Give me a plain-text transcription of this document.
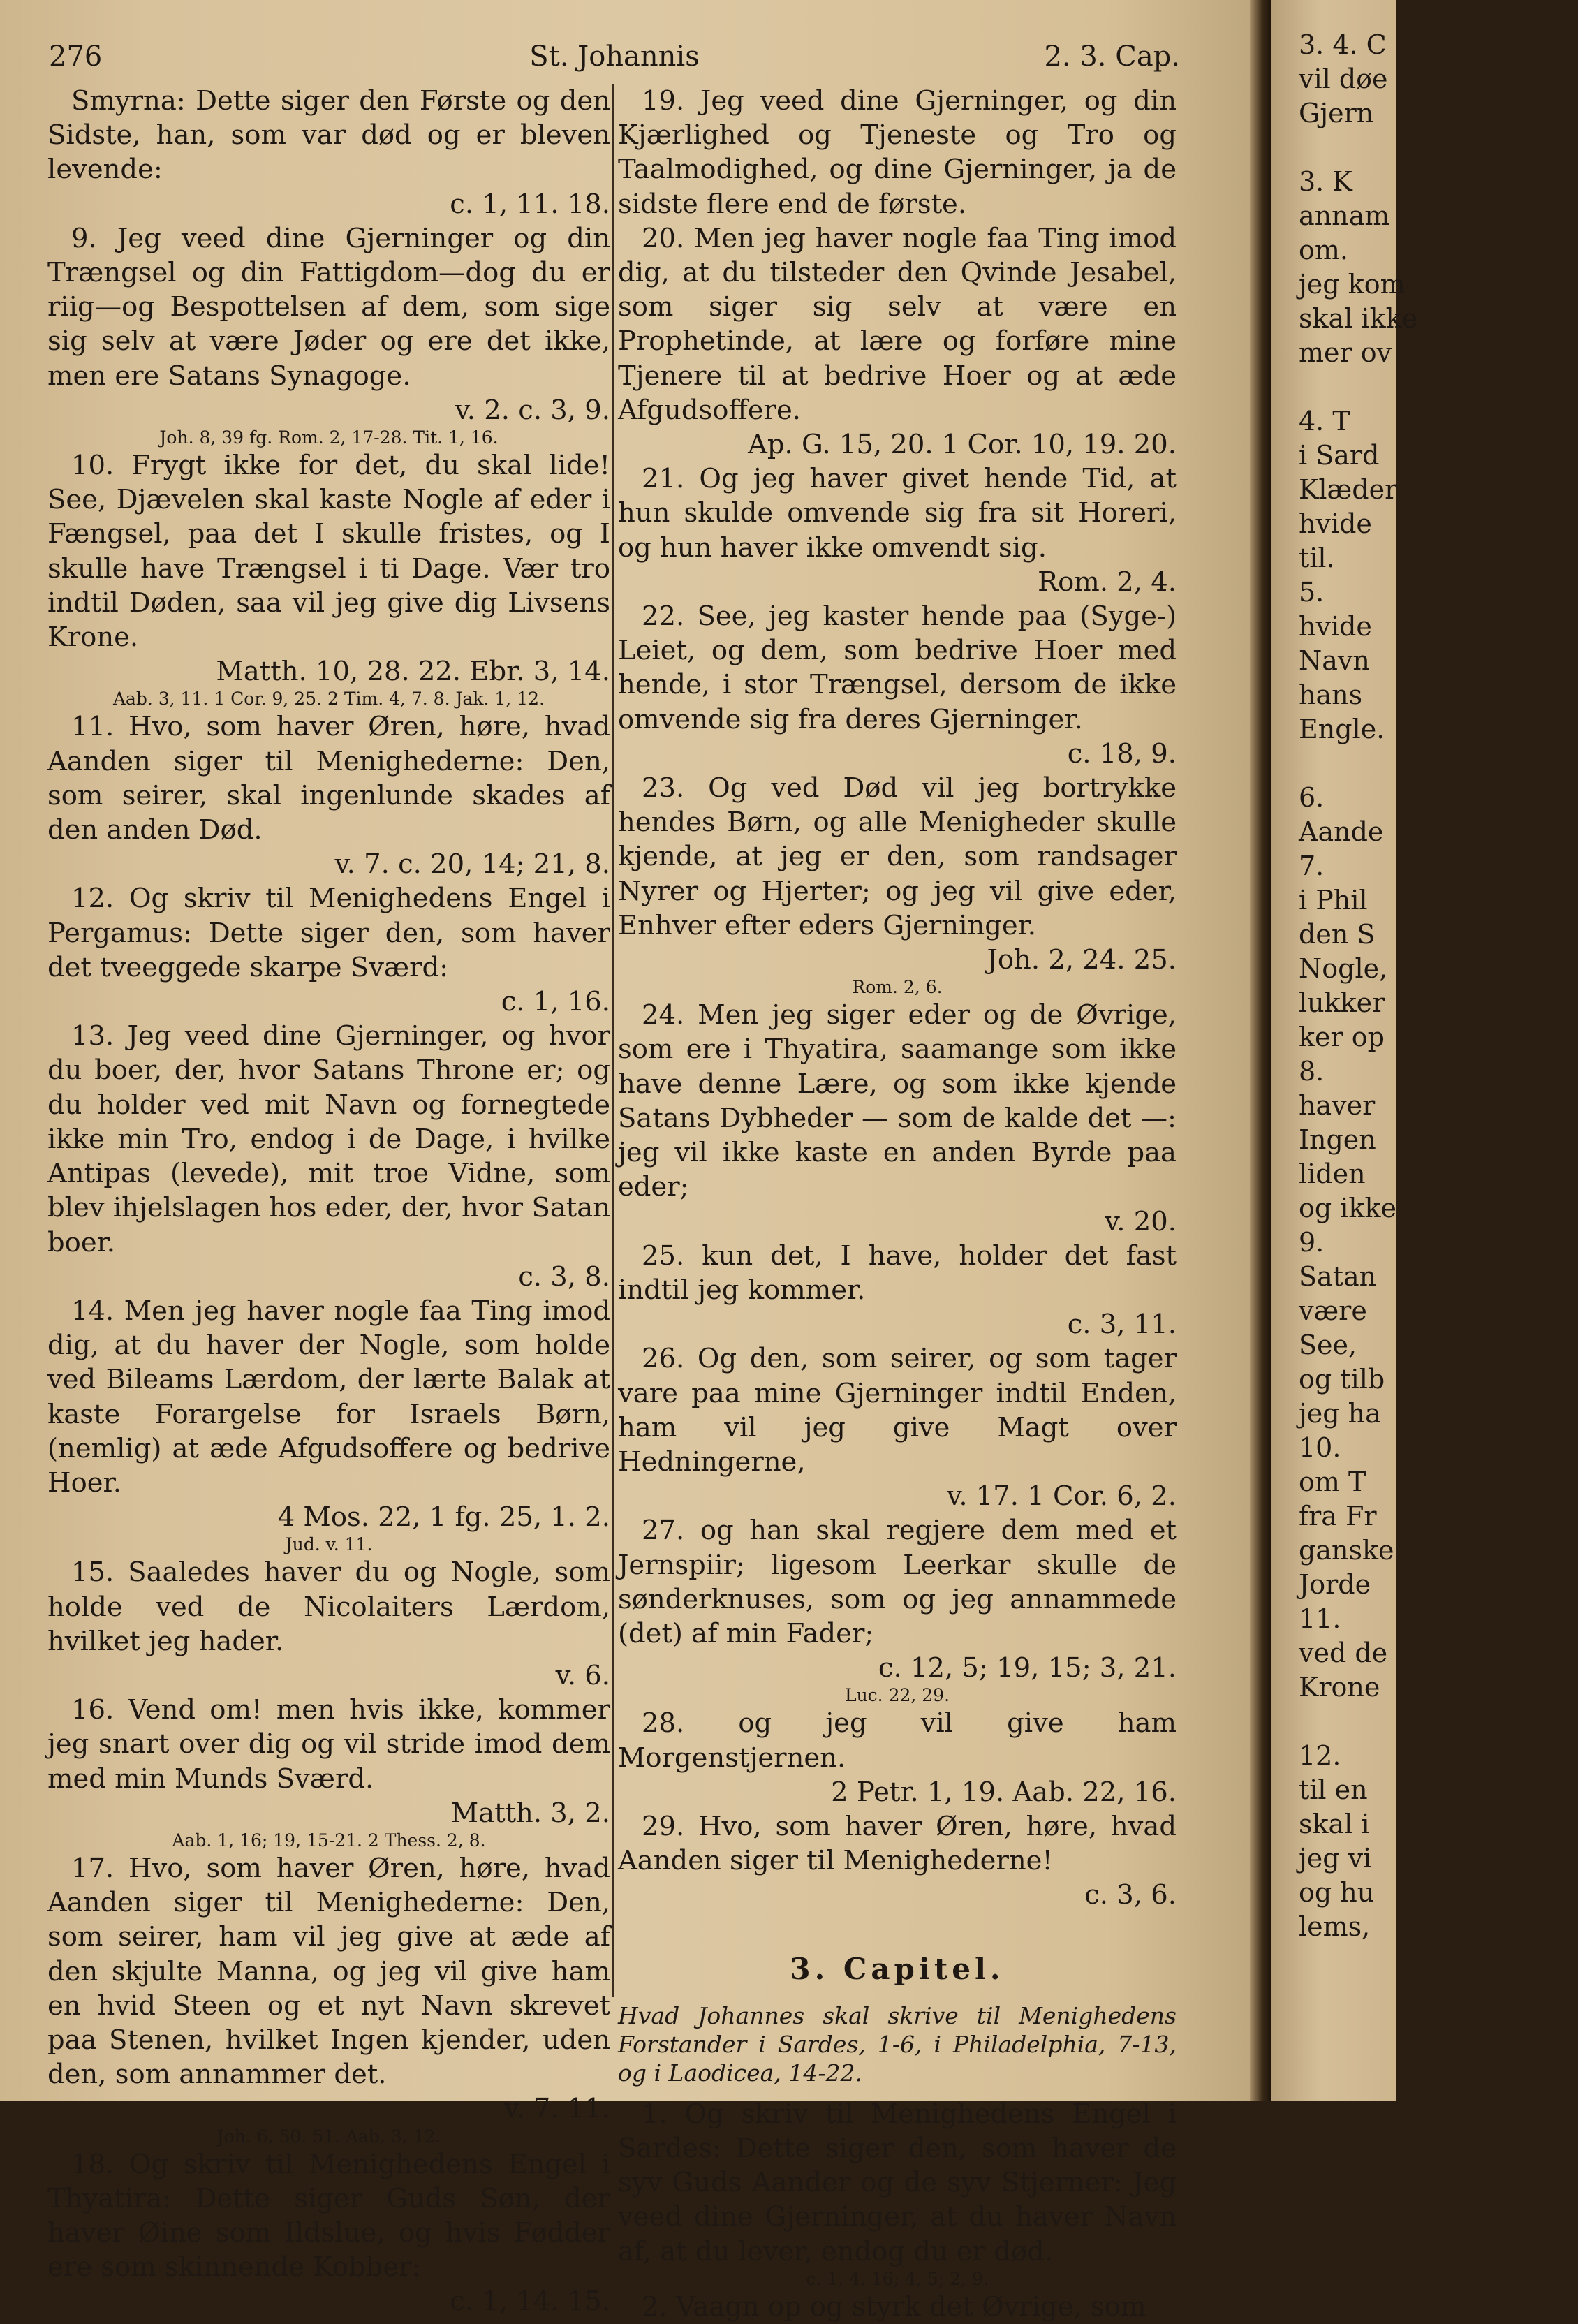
276	St. Johannis	2. 3. Cap.

Smyrna: Dette siger den Første og den Sidste, han, som var død og er bleven levende:

c. 1, 11. 18.

9. Jeg veed dine Gjerninger og din Trængsel og din Fattigdom—dog du er riig—og Bespottelsen af dem, som sige sig selv at være Jøder og ere det ikke, men ere Satans Synagoge.

v. 2. c. 3, 9.

Joh. 8, 39 fg. Rom. 2, 17-28. Tit. 1, 16.

10. Frygt ikke for det, du skal lide! See, Djævelen skal kaste Nogle af eder i Fængsel, paa det I skulle fristes, og I skulle have Trængsel i ti Dage. Vær tro indtil Døden, saa vil jeg give dig Livsens Krone.

Matth. 10, 28. 22. Ebr. 3, 14.

Aab. 3, 11. 1 Cor. 9, 25. 2 Tim. 4, 7. 8. Jak. 1, 12.

11. Hvo, som haver Øren, høre, hvad Aanden siger til Menighederne: Den, som seirer, skal ingenlunde skades af den anden Død.

v. 7. c. 20, 14; 21, 8.

12. Og skriv til Menighedens Engel i Pergamus: Dette siger den, som haver det tveeggede skarpe Sværd:

c. 1, 16.

13. Jeg veed dine Gjerninger, og hvor du boer, der, hvor Satans Throne er; og du holder ved mit Navn og fornegtede ikke min Tro, endog i de Dage, i hvilke Antipas (levede), mit troe Vidne, som blev ihjelslagen hos eder, der, hvor Satan boer.

c. 3, 8.

14. Men jeg haver nogle faa Ting imod dig, at du haver der Nogle, som holde ved Bileams Lærdom, der lærte Balak at kaste Forargelse for Israels Børn, (nemlig) at æde Afgudsoffere og bedrive Hoer.

4 Mos. 22, 1 fg. 25, 1. 2.

Jud. v. 11.

15. Saaledes haver du og Nogle, som holde ved de Nicolaiters Lærdom, hvilket jeg hader.

v. 6.

16. Vend om! men hvis ikke, kommer jeg snart over dig og vil stride imod dem med min Munds Sværd.

Matth. 3, 2.

Aab. 1, 16; 19, 15-21. 2 Thess. 2, 8.

17. Hvo, som haver Øren, høre, hvad Aanden siger til Menighederne: Den, som seirer, ham vil jeg give at æde af den skjulte Manna, og jeg vil give ham en hvid Steen og et nyt Navn skrevet paa Stenen, hvilket Ingen kjender, uden den, som annammer det.

v. 7. 11.

Joh. 6, 50. 51. Aab. 3, 12.

18. Og skriv til Menighedens Engel i Thyatira: Dette siger Guds Søn, der haver Øine som Ildslue, og hvis Fødder ere som skinnende Kobber:

c. 1, 14. 15.

19. Jeg veed dine Gjerninger, og din Kjærlighed og Tjeneste og Tro og Taalmodighed, og dine Gjerninger, ja de sidste flere end de første.

20. Men jeg haver nogle faa Ting imod dig, at du tilsteder den Qvinde Jesabel, som siger sig selv at være en Prophetinde, at lære og forføre mine Tjenere til at bedrive Hoer og at æde Afgudsoffere.

Ap. G. 15, 20. 1 Cor. 10, 19. 20.

21. Og jeg haver givet hende Tid, at hun skulde omvende sig fra sit Horeri, og hun haver ikke omvendt sig.

Rom. 2, 4.

22. See, jeg kaster hende paa (Syge-) Leiet, og dem, som bedrive Hoer med hende, i stor Trængsel, dersom de ikke omvende sig fra deres Gjerninger.

c. 18, 9.

23. Og ved Død vil jeg bortrykke hendes Børn, og alle Menigheder skulle kjende, at jeg er den, som randsager Nyrer og Hjerter; og jeg vil give eder, Enhver efter eders Gjerninger.

Joh. 2, 24. 25.

Rom. 2, 6.

24. Men jeg siger eder og de Øvrige, som ere i Thyatira, saamange som ikke have denne Lære, og som ikke kjende Satans Dybheder — som de kalde det —: jeg vil ikke kaste en anden Byrde paa eder;

v. 20.

25. kun det, I have, holder det fast indtil jeg kommer.

c. 3, 11.

26. Og den, som seirer, og som tager vare paa mine Gjerninger indtil Enden, ham vil jeg give Magt over Hedningerne,

v. 17. 1 Cor. 6, 2.

27. og han skal regjere dem med et Jernspiir; ligesom Leerkar skulle de sønderknuses, som og jeg annammede (det) af min Fader;

c. 12, 5; 19, 15; 3, 21.

Luc. 22, 29.

28. og jeg vil give ham Morgenstjernen.

2 Petr. 1, 19. Aab. 22, 16.

29. Hvo, som haver Øren, høre, hvad Aanden siger til Menighederne!

c. 3, 6.

3. Capitel.

Hvad Johannes skal skrive til Menighedens Forstander i Sardes, 1-6, i Philadelphia, 7-13, og i Laodicea, 14-22.

1. Og skriv til Menighedens Engel i Sardes: Dette siger den, som haver de syv Guds Aander og de syv Stjerner: Jeg veed dine Gjerninger, at du haver Navn af, at du lever, endog du er død.

c. 1, 4. 16; 4, 5; 2, 9.

2. Vaagn op og styrk det Øvrige, som

3. 4. C

vil døe

Gjern

3. K

annam

om.

jeg kom

skal ikke

mer ov

4. T

i Sard

Klæder

hvide

til.

5.

hvide

Navn

hans

Engle.

6.

Aande

7.

i Phil

den S

Nogle,

lukker

ker op

8.

haver

Ingen

liden

og ikke

9.

Satan

være

See,

og tilb

jeg ha

10.

om T

fra Fr

ganske

Jorde

11.

ved de

Krone

12.

til en

skal i

jeg vi

og hu

lems,
